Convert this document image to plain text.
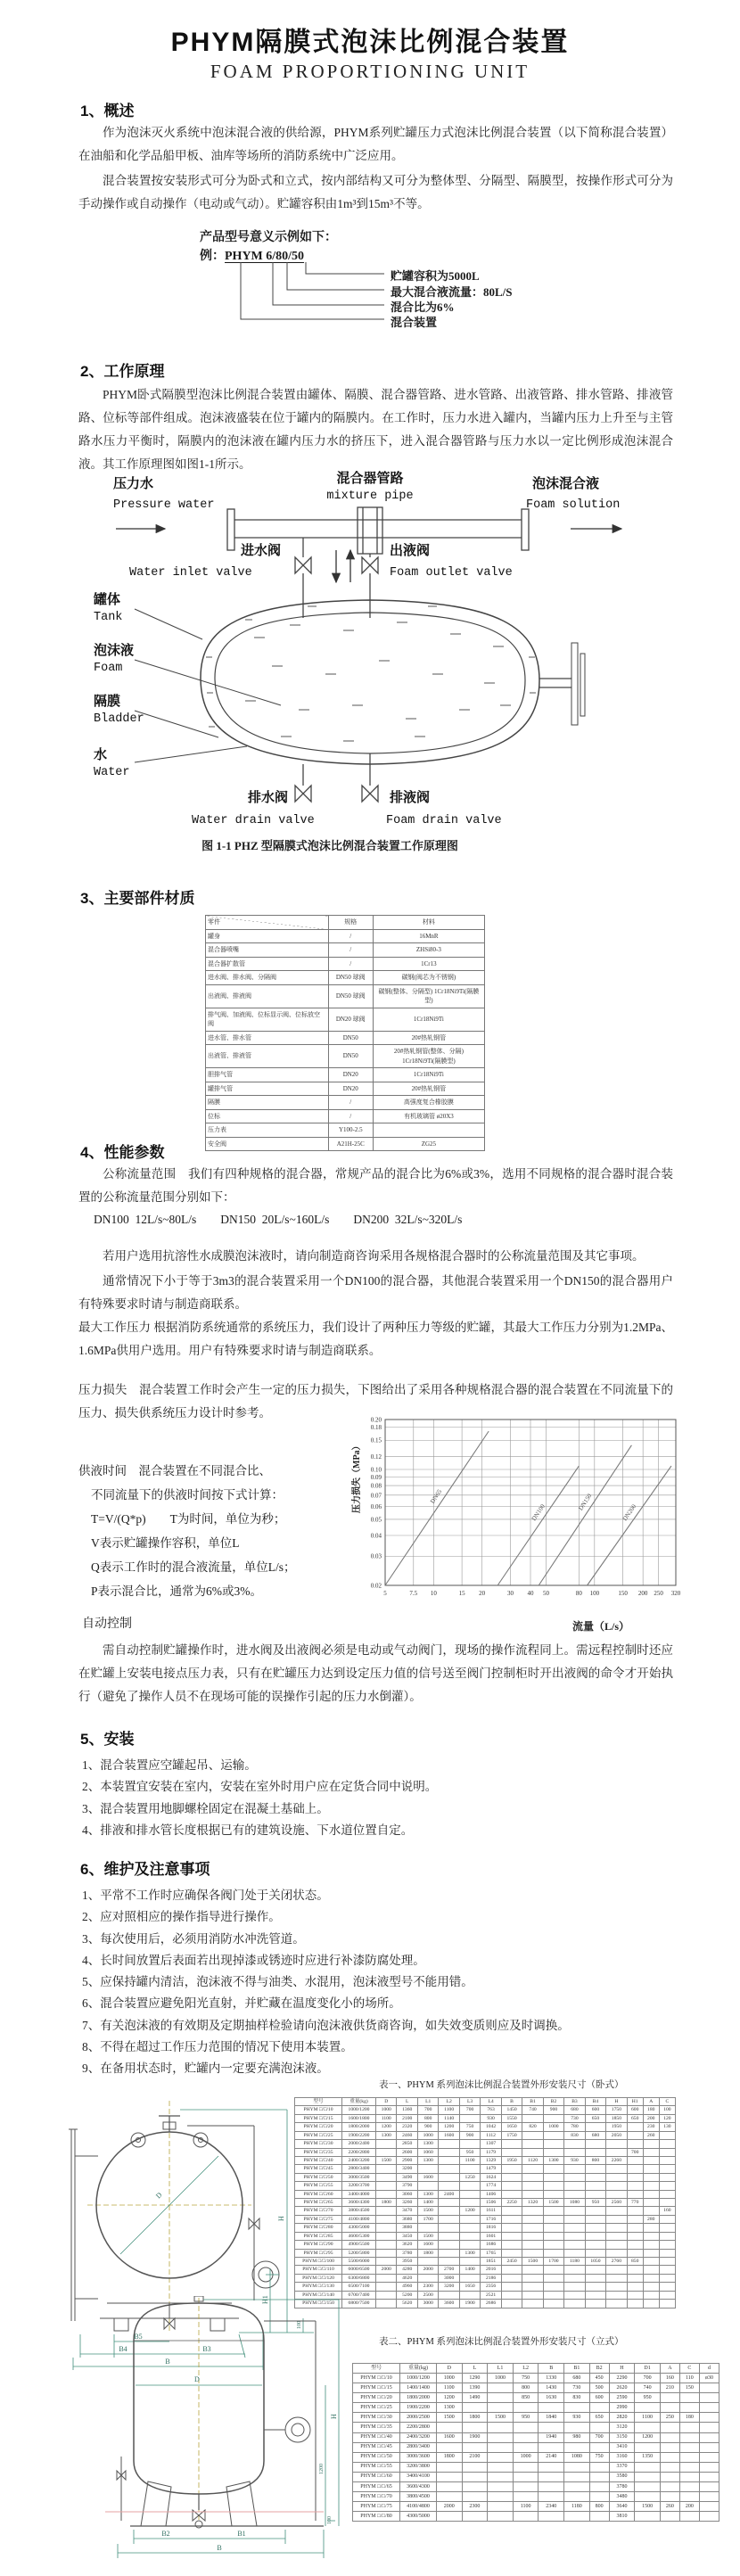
PHYM隔膜式泡沫比例混合装置
FOAM PROPORTIONING UNIT
1、概述
作为泡沫灭火系统中泡沫混合液的供给源，PHYM系列贮罐压力式泡沫比例混合装置（以下简称混合装置）在油船和化学品船甲板、油库等场所的消防系统中广泛应用。
混合装置按安装形式可分为卧式和立式，按内部结构又可分为整体型、分隔型、隔膜型，按操作形式可分为手动操作或自动操作（电动或气动）。贮罐容积由1m³到15m³不等。
产品型号意义示例如下：
例：PHYM 6/80/50
贮罐容积为5000L
最大混合液流量：80L/S
混合比为6%
混合装置
2、工作原理
PHYM卧式隔膜型泡沫比例混合装置由罐体、隔膜、混合器管路、进水管路、出液管路、排水管路、排液管路、位标等部件组成。泡沫液盛装在位于罐内的隔膜内。在工作时，压力水进入罐内，当罐内压力上升至与主管路水压力平衡时，隔膜内的泡沫液在罐内压力水的挤压下，进入混合器管路与压力水以一定比例形成泡沫混合液。其工作原理图如图1-1所示。
混合器管路
mixture pipe
压力水
Pressure water
泡沫混合液
Foam solution
进水阀
Water inlet valve
出液阀
Foam outlet valve
罐体
Tank
泡沫液
Foam
隔膜
Bladder
水
Water
排水阀
Water drain valve
排液阀
Foam drain valve
图 1-1 PHZ 型隔膜式泡沫比例混合装置工作原理图
3、主要部件材质
零件	规格	材料
罐身	/	16MnR
混合器喷嘴	/	ZHSi80-3
混合器扩散管	/	1Cr13
进水阀、排水阀、分隔阀	DN50 球阀	碳钢(阀芯为不锈钢)
出液阀、排液阀	DN50 球阀	碳钢(整体、分隔型) 1Cr18Ni9Ti(隔膜型)
排气阀、加液阀、位标显示阀、位标放空阀	DN20 球阀	1Cr18Ni9Ti
进水管、排水管	DN50	20#热轧钢管
出液管、排液管	DN50	20#热轧钢管(整体、分隔) 1Cr18Ni9Ti(隔膜型)
胆排气管	DN20	1Cr18Ni9Ti
罐排气管	DN20	20#热轧钢管
隔膜	/	高强度复合橡胶膜
位标	/	有机玻璃管 ø20X3
压力表	Y100-2.5	
安全阀	A21H-25C	ZG25
4、性能参数
公称流量范围　我们有四种规格的混合器，常规产品的混合比为6%或3%，选用不同规格的混合器时混合装置的公称流量范围分别如下：
DN100  12L/s~80L/s　　DN150  20L/s~160L/s　　DN200  32L/s~320L/s
若用户选用抗溶性水成膜泡沫液时，请向制造商咨询采用各规格混合器时的公称流量范围及其它事项。
通常情况下小于等于3m3的混合装置采用一个DN100的混合器，其他混合装置采用一个DN150的混合器用户有特殊要求时请与制造商联系。
最大工作压力 根据消防系统通常的系统压力，我们设计了两种压力等级的贮罐，其最大工作压力分别为1.2MPa、1.6MPa供用户选用。用户有特殊要求时请与制造商联系。
压力损失　混合装置工作时会产生一定的压力损失，下图给出了采用各种规格混合器的混合装置在不同流量下的压力、损失供系统压力设计时参考。
5	7.5 10	15 20	30 40 50	80 100	150 200 250 320
0.02
0.03
0.04
0.05
0.06
0.07
0.08
0.09
0.10
0.12
0.15
0.18
0.20
DN65
DN100
DN150
DN200
流量（L/s）
压力损失（MPa）
供液时间　混合装置在不同混合比、
不同流量下的供液时间按下式计算：
T=V/(Q*p)　　T为时间，单位为秒；
V表示贮罐操作容积，单位L
Q表示工作时的混合液流量，单位L/s；
P表示混合比，通常为6%或3%。
自动控制
需自动控制贮罐操作时，进水阀及出液阀必须是电动或气动阀门，现场的操作流程同上。需远程控制时还应在贮罐上安装电接点压力表，只有在贮罐压力达到设定压力值的信号送至阀门控制柜时开出液阀的命令才开始执行（避免了操作人员不在现场可能的误操作引起的压力水倒灌）。
5、安装
1、混合装置应空罐起吊、运输。
2、本装置宜安装在室内，安装在室外时用户应在定货合同中说明。
3、混合装置用地脚螺栓固定在混凝土基础上。
4、排液和排水管长度根据已有的建筑设施、下水道位置自定。
6、维护及注意事项
1、平常不工作时应确保各阀门处于关闭状态。
2、应对照相应的操作指导进行操作。
3、每次使用后，必须用消防水冲洗管道。
4、长时间放置后表面若出现掉漆或锈迹时应进行补漆防腐处理。
5、应保持罐内清洁，泡沫液不得与油类、水混用，泡沫液型号不能用错。
6、混合装置应避免阳光直射，并贮藏在温度变化小的场所。
7、有关泡沫液的有效期及定期抽样检验请向泡沫液供货商咨询，如失效变质则应及时调换。
8、不得在超过工作压力范围的情况下使用本装置。
9、在备用状态时，贮罐内一定要充满泡沫液。
表一、PHYM 系列泡沫比例混合装置外形安装尺寸（卧式）
D
B5
B4	B3
B
H
H1
100
型号	重量(kg)	D	L	L1	L2	L3	L4	B	B1	B2	B3	B4	H	H1	A	C
PHYM □/□/10	1000/1200	1000	1360	700	1100	700	763	1450	740	900	680	600	1750	600	180	100
PHYM □/□/15	1600/1800	1100	2100	800	1140		930	1550			730	650	1850	650	200	120
PHYM □/□/20	1800/2000	1200	2320	900	1200	750	1042	1650	820	1000	780		1950		230	130
PHYM □/□/25	1900/2200	1300	2460	1000	1600	900	1112	1750			830	680	2050		260	
PHYM □/□/30	2000/2400		2850	1300			1307									
PHYM □/□/35	2200/2800		2600	1060		950	1179							700		
PHYM □/□/40	2400/3200	1500	2900	1300		1100	1329	1950	1120	1300	930	800	2260			
PHYM □/□/45	2800/3400		3200				1479									
PHYM □/□/50	3000/3500		3490	1600		1250	1624									
PHYM □/□/55	3200/3700		3790				1774									
PHYM □/□/60	3400/4000		3060	1300	2400		1406									
PHYM □/□/65	3600/4300	1800	3260	1400			1506	2250	1320	1500	1080	950	2560	770		
PHYM □/□/70	3800/4500		3470	1500		1200	1611									160
PHYM □/□/75	4100/4800		3680	1700			1716								280	
PHYM □/□/80	4300/5000		3880				1816									
PHYM □/□/85	4600/5300		3450	1500			1601									
PHYM □/□/90	4900/5500		3620	1600			1686									
PHYM □/□/95	5200/5800		3780	1800		1300	1765									
PHYM □/□/100	5500/6000		3950				1851	2450	1500	1700	1180	1050	2760	850		
PHYM □/□/110	6000/6500	2000	4280	2000	2700	1400	2016									
PHYM □/□/120	6300/6800		4620		3000		2186									
PHYM □/□/130	6500/7100		4960	2300	3200	1650	2356									
PHYM □/□/140	6700/7400		5200	2500			2521									
PHYM □/□/150	6800/7500		5620	3000	3600	1900	2686									
表二、PHYM 系列泡沫比例混合装置外形安装尺寸（立式）
D
B2	B1
B
H
1200
100
型号	重量(kg)	D	L	L1	L2	B	B1	B2	H	D1	A	C	d
PHYM □/□/10	1000/1200	1000	1290	1000	750	1330	680	450	2290	700	160	110	ø30
PHYM □/□/15	1400/1400	1100	1390		800	1430	730	500	2620	740	210	150	
PHYM □/□/20	1800/2000	1200	1490		850	1630	830	600	2590	950			
PHYM □/□/25	1900/2200	1300							2990				
PHYM □/□/30	2000/2500	1500	1800	1500	950	1840	930	650	2820	1100	250	180	
PHYM □/□/35	2200/2800								3120				
PHYM □/□/40	2400/3200	1600	1900			1940	980	700	3150	1200			
PHYM □/□/45	2800/3400								3410				
PHYM □/□/50	3000/3600	1800	2100		1000	2140	1080	750	3160	1350			
PHYM □/□/55	3200/3800								3370				
PHYM □/□/60	3400/4100								3580				
PHYM □/□/65	3600/4300								3780				
PHYM □/□/70	3800/4500								3480				
PHYM □/□/75	4100/4800	2000	2300		1100	2340	1180	800	3640	1500	260	200	
PHYM □/□/80	4300/5000								3810				
